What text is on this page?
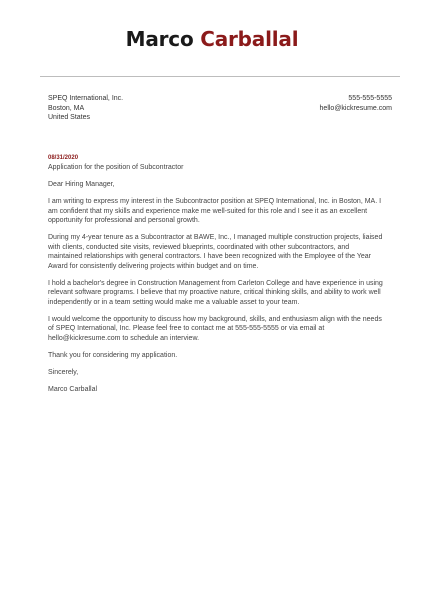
Marco Carballal
SPEQ International, Inc.
Boston, MA
United States
555-555-5555
hello@kickresume.com

08/31/2020

Application for the position of Subcontractor

Dear Hiring Manager,

I am writing to express my interest in the Subcontractor position at SPEQ International, Inc. in Boston, MA. I
am confident that my skills and experience make me well-suited for this role and I see it as an excellent
opportunity for professional and personal growth.

During my 4-year tenure as a Subcontractor at BAWE, Inc., I managed multiple construction projects, liaised
with clients, conducted site visits, reviewed blueprints, coordinated with other subcontractors, and
maintained relationships with general contractors. I have been recognized with the Employee of the Year
Award for consistently delivering projects within budget and on time.

I hold a bachelor's degree in Construction Management from Carleton College and have experience in using
relevant software programs. I believe that my proactive nature, critical thinking skills, and ability to work well
independently or in a team setting would make me a valuable asset to your team.

I would welcome the opportunity to discuss how my background, skills, and enthusiasm align with the needs
of SPEQ International, Inc. Please feel free to contact me at 555-555-5555 or via email at
hello@kickresume.com to schedule an interview.

Thank you for considering my application.

Sincerely,

Marco Carballal
